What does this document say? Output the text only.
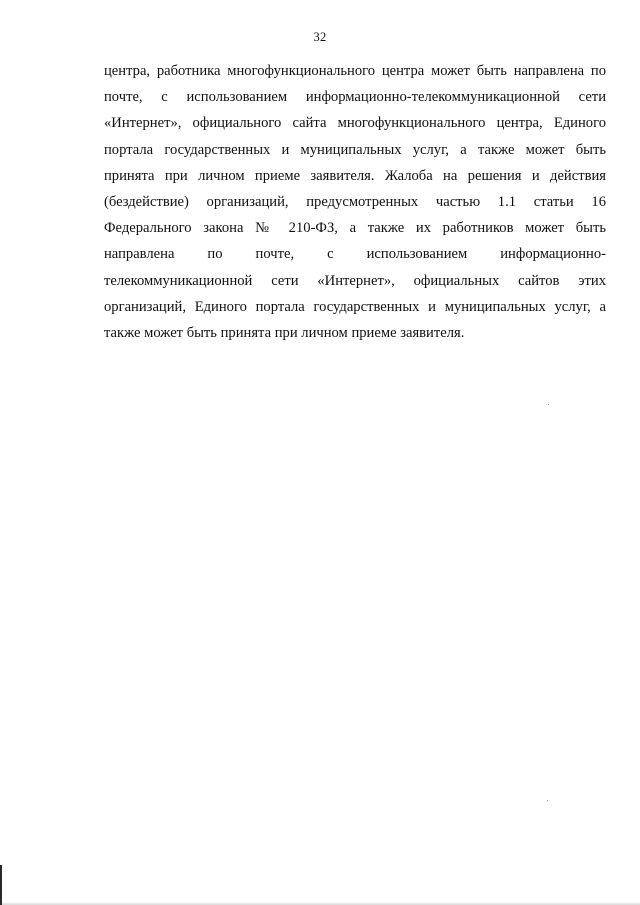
32
центра, работника многофункционального центра может быть направлена по
почте, с использованием информационно-телекоммуникационной сети
«Интернет», официального сайта многофункционального центра, Единого
портала государственных и муниципальных услуг, а также может быть
принята при личном приеме заявителя. Жалоба на решения и действия
(бездействие) организаций, предусмотренных частью 1.1 статьи 16
Федерального закона № 210-ФЗ, а также их работников может быть
направлена по почте, с использованием информационно-
телекоммуникационной сети «Интернет», официальных сайтов этих
организаций, Единого портала государственных и муниципальных услуг, а
также может быть принята при личном приеме заявителя.
